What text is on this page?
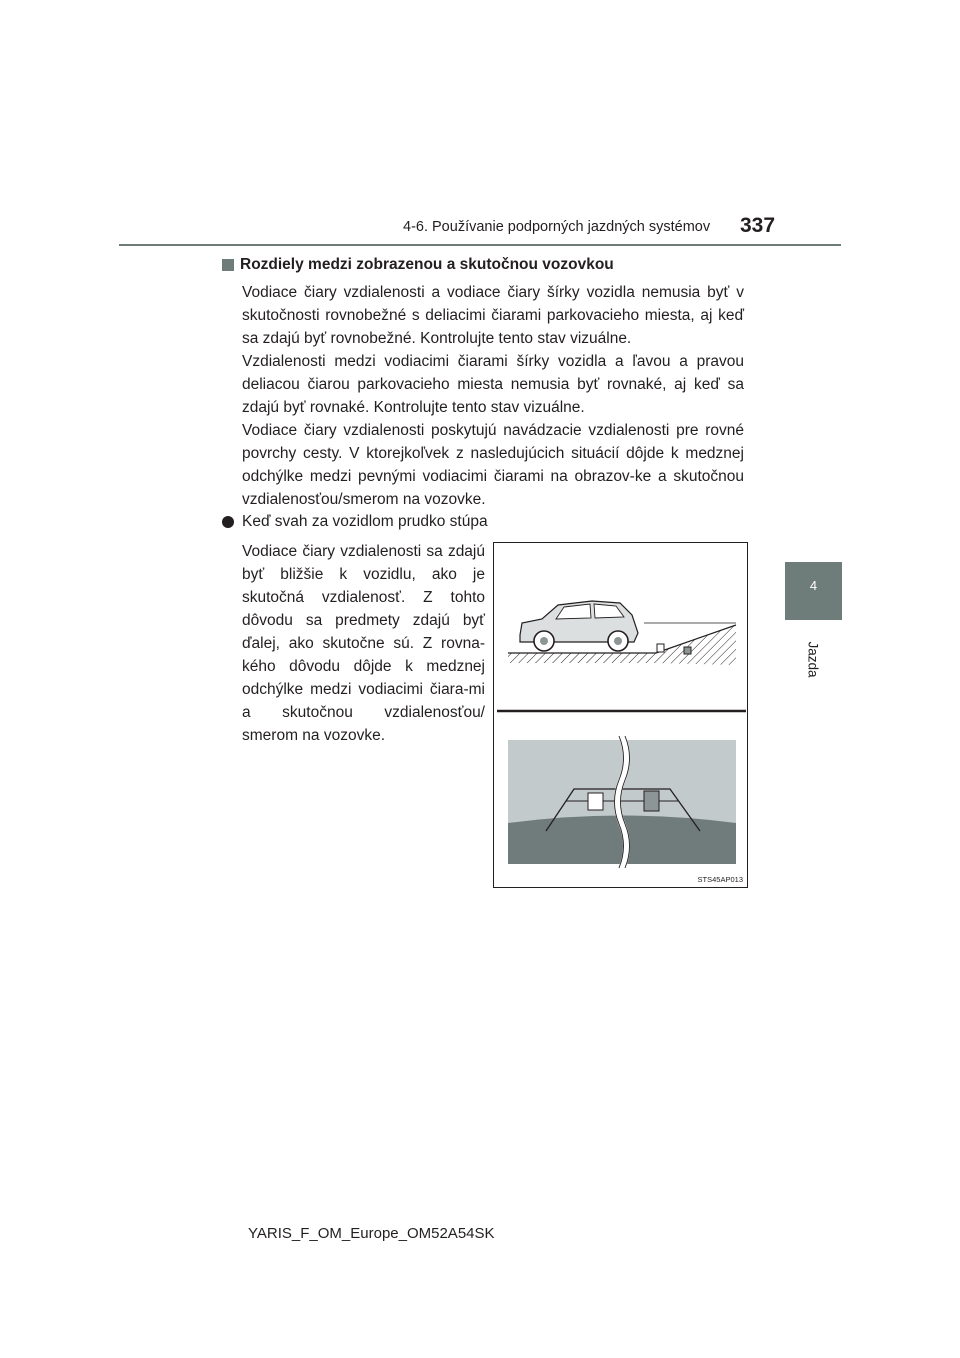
4-6. Používanie podporných jazdných systémov 337
4
Jazda
Rozdiely medzi zobrazenou a skutočnou vozovkou

Vodiace čiary vzdialenosti a vodiace čiary šírky vozidla nemusia byť v skutočnosti rovnobežné s deliacimi čiarami parkovacieho miesta, aj keď sa zdajú byť rovnobežné. Kontrolujte tento stav vizuálne.

Vzdialenosti medzi vodiacimi čiarami šírky vozidla a ľavou a pravou deliacou čiarou parkovacieho miesta nemusia byť rovnaké, aj keď sa zdajú byť rovnaké. Kontrolujte tento stav vizuálne.

Vodiace čiary vzdialenosti poskytujú navádzacie vzdialenosti pre rovné povrchy cesty. V ktorejkoľvek z nasledujúcich situácií dôjde k medznej odchýlke medzi pevnými vodiacimi čiarami na obrazov-ke a skutočnou vzdialenosťou/smerom na vozovke.

Keď svah za vozidlom prudko stúpa

Vodiace čiary vzdialenosti sa zdajú byť bližšie k vozidlu, ako je skutočná vzdialenosť. Z tohto dôvodu sa predmety zdajú byť ďalej, ako skutočne sú. Z rovna-kého dôvodu dôjde k medznej odchýlke medzi vodiacimi čiara-mi a skutočnou vzdialenosťou/ smerom na vozovke.

STS45AP013
YARIS_F_OM_Europe_OM52A54SK
